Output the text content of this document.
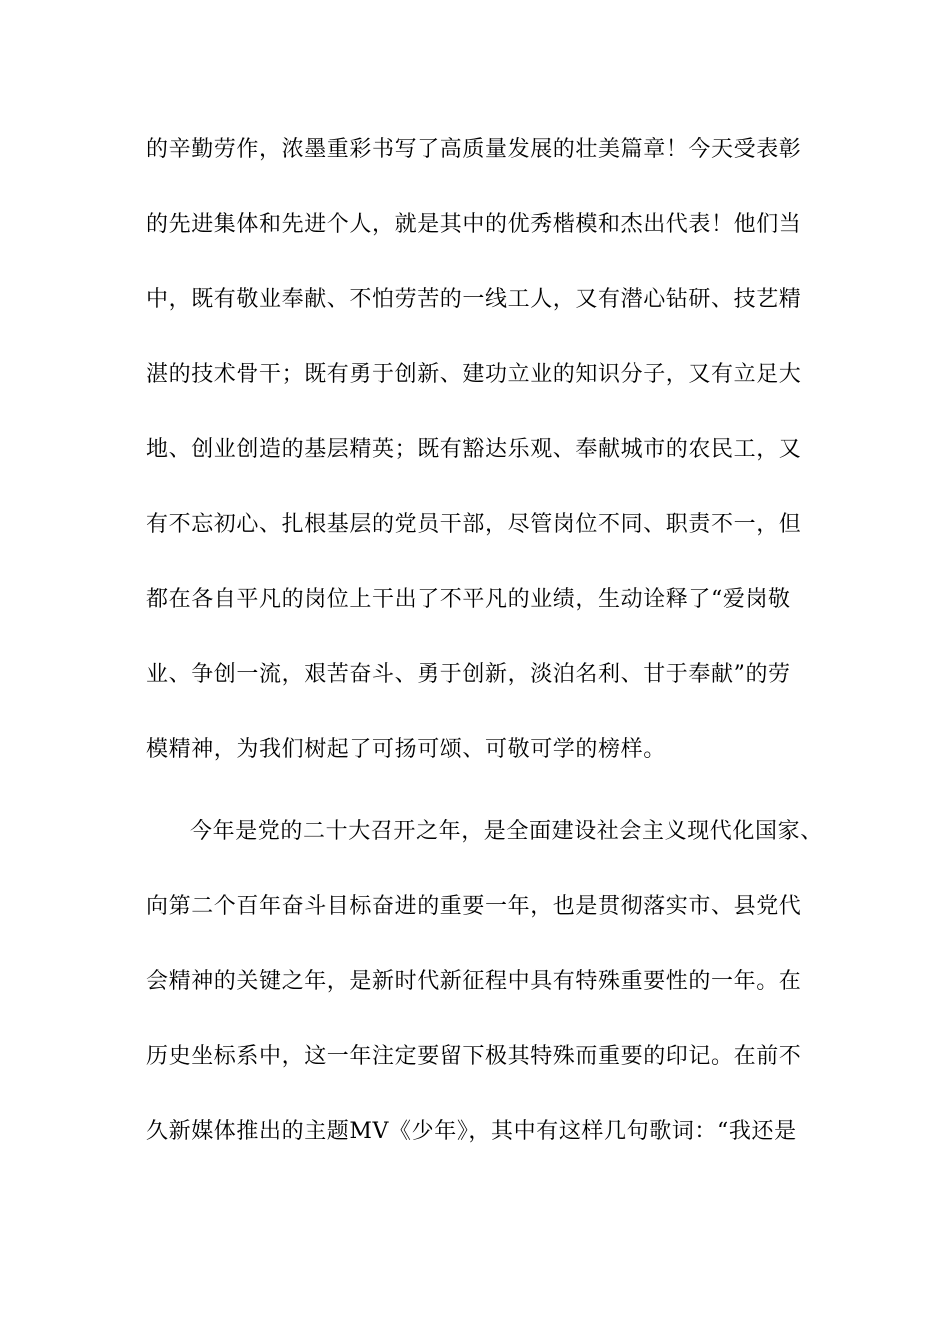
的辛勤劳作，浓墨重彩书写了高质量发展的壮美篇章！今天受表彰
的先进集体和先进个人，就是其中的优秀楷模和杰出代表！他们当
中，既有敬业奉献、不怕劳苦的一线工人，又有潜心钻研、技艺精
湛的技术骨干；既有勇于创新、建功立业的知识分子，又有立足大
地、创业创造的基层精英；既有豁达乐观、奉献城市的农民工，又
有不忘初心、扎根基层的党员干部，尽管岗位不同、职责不一，但
都在各自平凡的岗位上干出了不平凡的业绩，生动诠释了“爱岗敬
业、争创一流，艰苦奋斗、勇于创新，淡泊名利、甘于奉献”的劳
模精神，为我们树起了可扬可颂、可敬可学的榜样。
今年是党的二十大召开之年，是全面建设社会主义现代化国家、
向第二个百年奋斗目标奋进的重要一年，也是贯彻落实市、县党代
会精神的关键之年，是新时代新征程中具有特殊重要性的一年。在
历史坐标系中，这一年注定要留下极其特殊而重要的印记。在前不
久新媒体推出的主题MV《少年》，其中有这样几句歌词：“我还是
